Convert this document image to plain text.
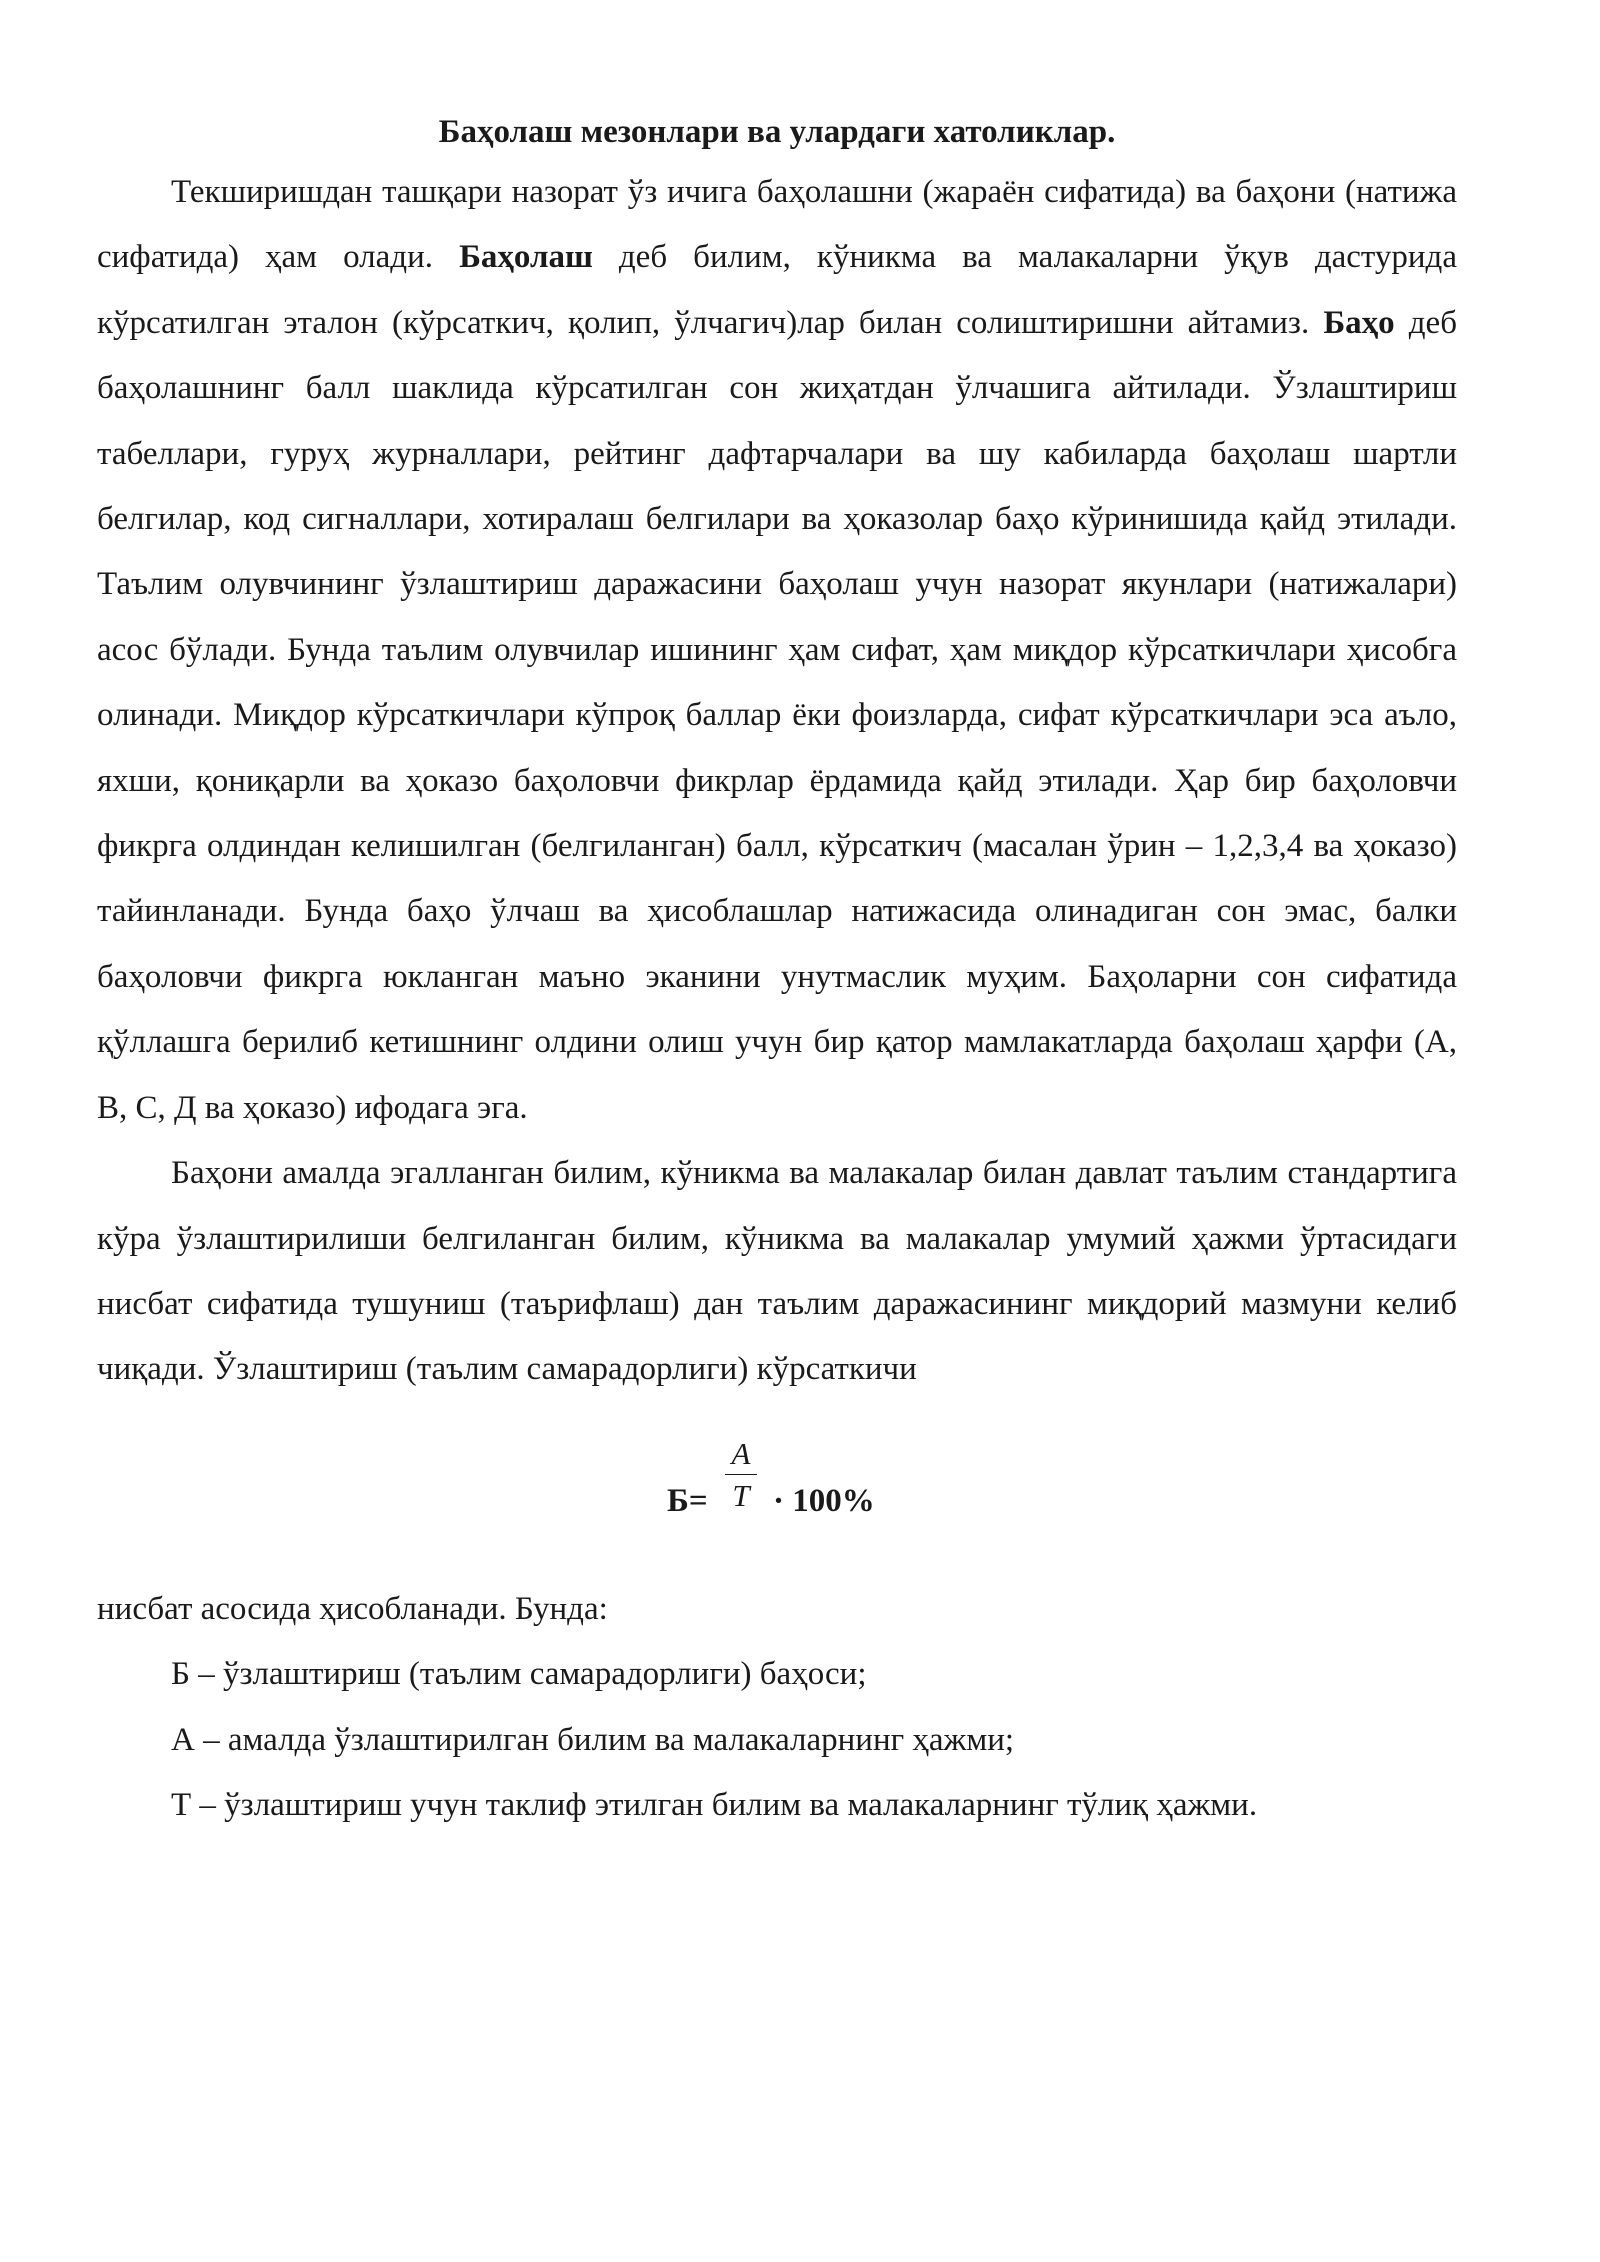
Баҳолаш мезонлари ва улардаги хатоликлар.

Текширишдан ташқари назорат ўз ичига баҳолашни (жараён сифатида) ва баҳони (натижа сифатида) ҳам олади. Баҳолаш деб билим, кўникма ва малакаларни ўқув дастурида кўрсатилган эталон (кўрсаткич, қолип, ўлчагич)лар билан солиштиришни айтамиз. Баҳо деб баҳолашнинг балл шаклида кўрсатилган сон жиҳатдан ўлчашига айтилади. Ўзлаштириш табеллари, гуруҳ журналлари, рейтинг дафтарчалари ва шу кабиларда баҳолаш шартли белгилар, код сигналлари, хотиралаш белгилари ва ҳоказолар баҳо кўринишида қайд этилади. Таълим олувчининг ўзлаштириш даражасини баҳолаш учун назорат якунлари (натижалари) асос бўлади. Бунда таълим олувчилар ишининг ҳам сифат, ҳам миқдор кўрсаткичлари ҳисобга олинади. Миқдор кўрсаткичлари кўпроқ баллар ёки фоизларда, сифат кўрсаткичлари эса аъло, яхши, қониқарли ва ҳоказо баҳоловчи фикрлар ёрдамида қайд этилади. Ҳар бир баҳоловчи фикрга олдиндан келишилган (белгиланган) балл, кўрсаткич (масалан ўрин – 1,2,3,4 ва ҳоказо) тайинланади. Бунда баҳо ўлчаш ва ҳисоблашлар натижасида олинадиган сон эмас, балки баҳоловчи фикрга юкланган маъно эканини унутмаслик муҳим. Баҳоларни сон сифатида қўллашга берилиб кетишнинг олдини олиш учун бир қатор мамлакатларда баҳолаш ҳарфи (А, В, С, Д ва ҳоказо) ифодага эга.

Баҳони амалда эгалланган билим, кўникма ва малакалар билан давлат таълим стандартига кўра ўзлаштирилиши белгиланган билим, кўникма ва малакалар умумий ҳажми ўртасидаги нисбат сифатида тушуниш (таърифлаш) дан таълим даражасининг миқдорий мазмуни келиб чиқади. Ўзлаштириш (таълим самарадорлиги) кўрсаткичи

Б=
A
T · 100%

нисбат асосида ҳисобланади. Бунда:

Б – ўзлаштириш (таълим самарадорлиги) баҳоси;

А – амалда ўзлаштирилган билим ва малакаларнинг ҳажми;

Т – ўзлаштириш учун таклиф этилган билим ва малакаларнинг тўлиқ ҳажми.
